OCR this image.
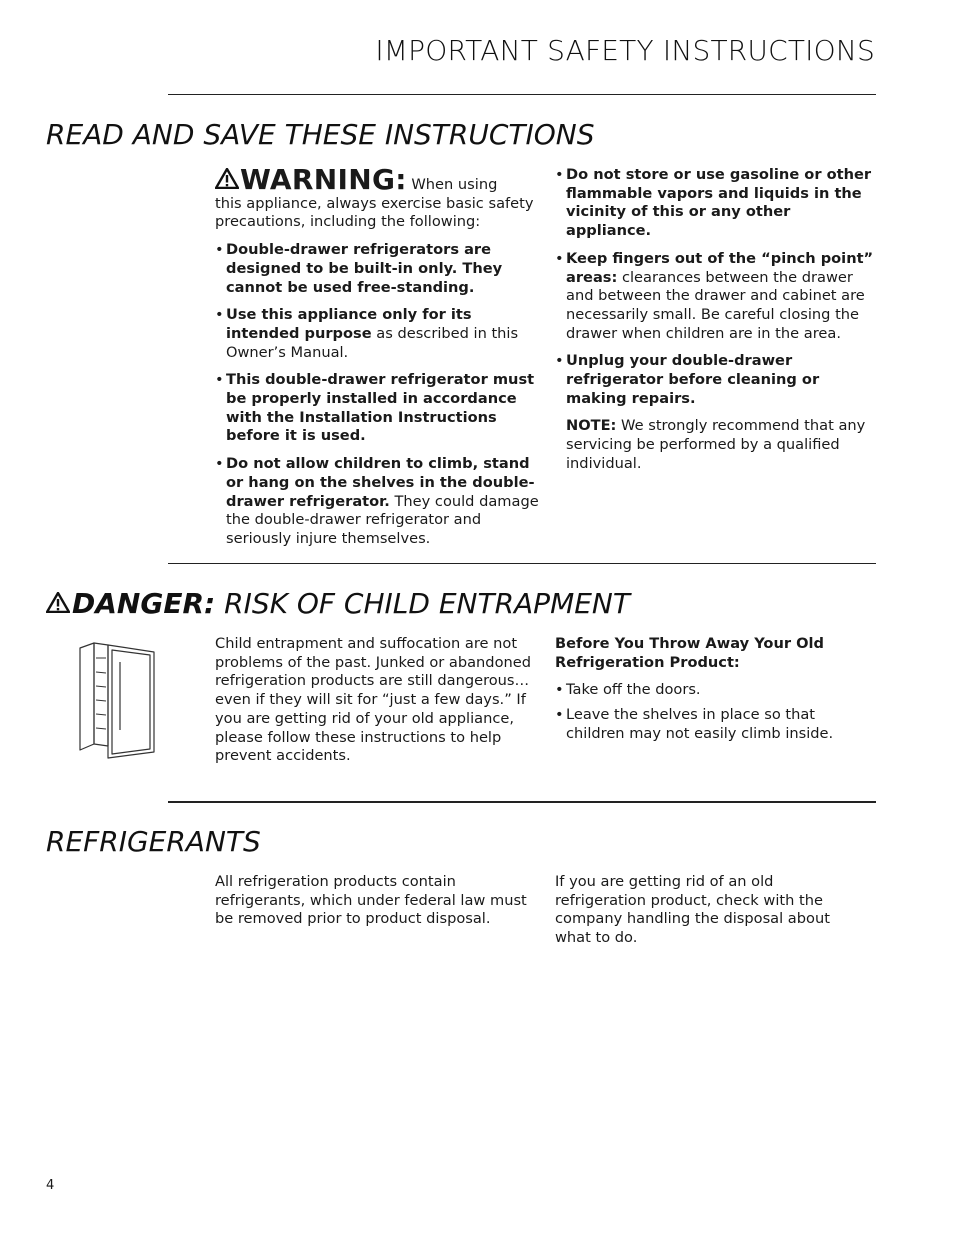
IMPORTANT SAFETY INSTRUCTIONS
READ AND SAVE THESE INSTRUCTIONS

WARNING: When using
this appliance, always exercise basic safety precautions, including the following:

• Double-drawer refrigerators are designed to be built-in only. They cannot be used free-standing.
• Use this appliance only for its intended purpose as described in this Owner’s Manual.
• This double-drawer refrigerator must be properly installed in accordance with the Installation Instructions before it is used.
• Do not allow children to climb, stand or hang on the shelves in the double-drawer refrigerator. They could damage the double-drawer refrigerator and seriously injure themselves.
• Do not store or use gasoline or other flammable vapors and liquids in the vicinity of this or any other appliance.
• Keep fingers out of the “pinch point” areas: clearances between the drawer and between the drawer and cabinet are necessarily small. Be careful closing the drawer when children are in the area.
• Unplug your double-drawer refrigerator before cleaning or making repairs.

NOTE: We strongly recommend that any servicing be performed by a qualified individual.

DANGER: RISK OF CHILD ENTRAPMENT

Child entrapment and suffocation are not problems of the past. Junked or abandoned refrigeration products are still dangerous…even if they will sit for “just a few days.” If you are getting rid of your old appliance, please follow these instructions to help prevent accidents.

Before You Throw Away Your Old Refrigeration Product:

• Take off the doors.
• Leave the shelves in place so that children may not easily climb inside.
REFRIGERANTS

All refrigeration products contain refrigerants, which under federal law must be removed prior to product disposal.

If you are getting rid of an old refrigeration product, check with the company handling the disposal about what to do.

4
